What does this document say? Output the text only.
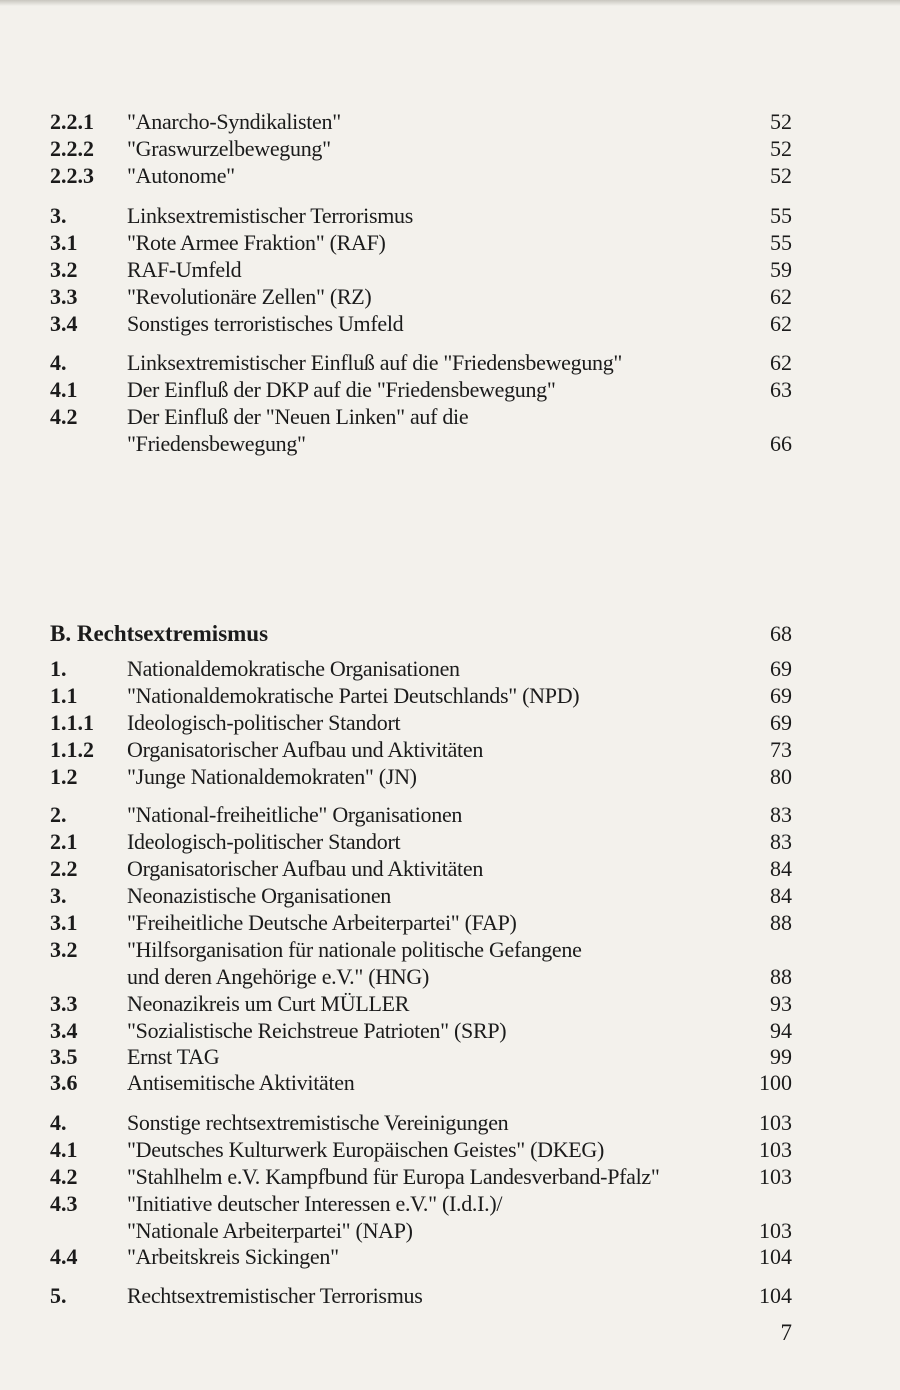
2.2.1	"Anarcho-Syndikalisten"	52
2.2.2	"Graswurzelbewegung"	52
2.2.3	"Autonome"	52
3.	Linksextremistischer Terrorismus	55
3.1	"Rote Armee Fraktion" (RAF)	55
3.2	RAF-Umfeld	59
3.3	"Revolutionäre Zellen" (RZ)	62
3.4	Sonstiges terroristisches Umfeld	62
4.	Linksextremistischer Einfluß auf die "Friedensbewegung"	62
4.1	Der Einfluß der DKP auf die "Friedensbewegung"	63
4.2	Der Einfluß der "Neuen Linken" auf die "Friedensbewegung"	66
B. Rechtsextremismus	68
1.	Nationaldemokratische Organisationen	69
1.1	"Nationaldemokratische Partei Deutschlands" (NPD)	69
1.1.1	Ideologisch-politischer Standort	69
1.1.2	Organisatorischer Aufbau und Aktivitäten	73
1.2	"Junge Nationaldemokraten" (JN)	80
2.	"National-freiheitliche" Organisationen	83
2.1	Ideologisch-politischer Standort	83
2.2	Organisatorischer Aufbau und Aktivitäten	84
3.	Neonazistische Organisationen	84
3.1	"Freiheitliche Deutsche Arbeiterpartei" (FAP)	88
3.2	"Hilfsorganisation für nationale politische Gefangene und deren Angehörige e.V." (HNG)	88
3.3	Neonazikreis um Curt MÜLLER	93
3.4	"Sozialistische Reichstreue Patrioten" (SRP)	94
3.5	Ernst TAG	99
3.6	Antisemitische Aktivitäten	100
4.	Sonstige rechtsextremistische Vereinigungen	103
4.1	"Deutsches Kulturwerk Europäischen Geistes" (DKEG)	103
4.2	"Stahlhelm e.V. Kampfbund für Europa Landesverband-Pfalz"	103
4.3	"Initiative deutscher Interessen e.V." (I.d.I.)/ "Nationale Arbeiterpartei" (NAP)	103
4.4	"Arbeitskreis Sickingen"	104
5.	Rechtsextremistischer Terrorismus	104
7
